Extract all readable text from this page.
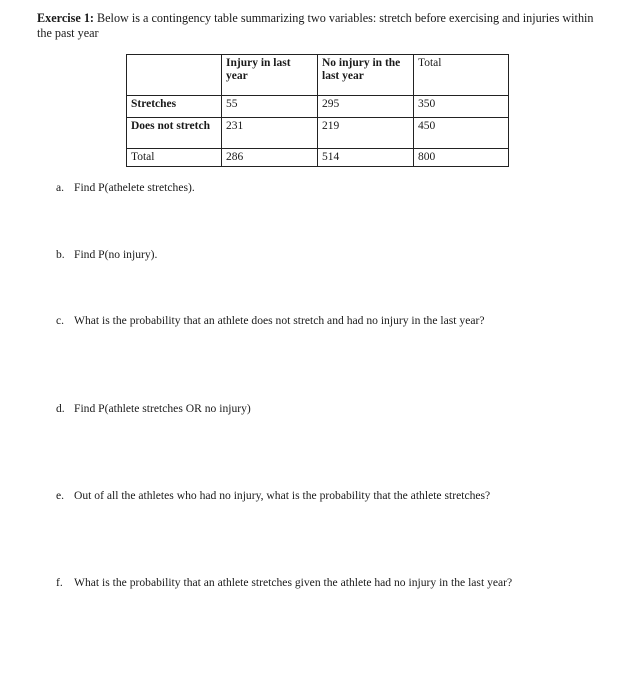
Exercise 1: Below is a contingency table summarizing two variables: stretch before exercising and injuries within the past year
	Injury in last year	No injury in the last year	Total
Stretches	55	295	350
Does not stretch	231	219	450
Total	286	514	800
a. Find P(athelete stretches).
b. Find P(no injury).
c. What is the probability that an athlete does not stretch and had no injury in the last year?
d. Find P(athlete stretches OR no injury)
e. Out of all the athletes who had no injury, what is the probability that the athlete stretches?
f. What is the probability that an athlete stretches given the athlete had no injury in the last year?
